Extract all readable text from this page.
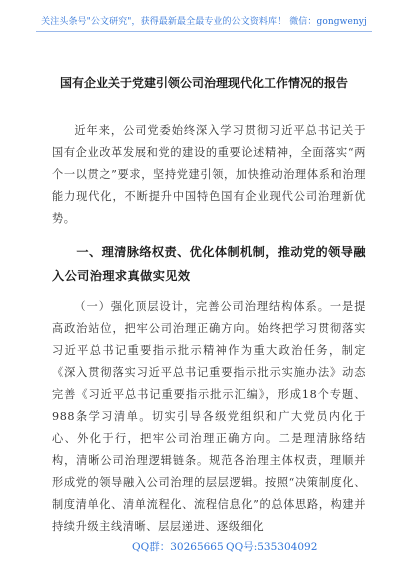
关注头条号"公文研究"，获得最新最全最专业的公文资料库！ 微信：gongwenyj
国有企业关于党建引领公司治理现代化工作情况的报告

近年来，公司党委始终深入学习贯彻习近平总书记关于国有企业改革发展和党的建设的重要论述精神，全面落实“两个一以贯之”要求，坚持党建引领，加快推动治理体系和治理能力现代化，不断提升中国特色国有企业现代公司治理新优势。

一、理清脉络权责、优化体制机制，推动党的领导融入公司治理求真做实见效

（一）强化顶层设计，完善公司治理结构体系。一是提高政治站位，把牢公司治理正确方向。始终把学习贯彻落实习近平总书记重要指示批示精神作为重大政治任务，制定《深入贯彻落实习近平总书记重要指示批示实施办法》动态完善《习近平总书记重要指示批示汇编》，形成18个专题、988条学习清单。切实引导各级党组织和广大党员内化于心、外化于行，把牢公司治理正确方向。二是理清脉络结构，清晰公司治理逻辑链条。规范各治理主体权责，理顺并形成党的领导融入公司治理的层层逻辑。按照“决策制度化、制度清单化、清单流程化、流程信息化”的总体思路，构建并持续升级主线清晰、层层递进、逐级细化

QQ群：30265665 QQ号:535304092
